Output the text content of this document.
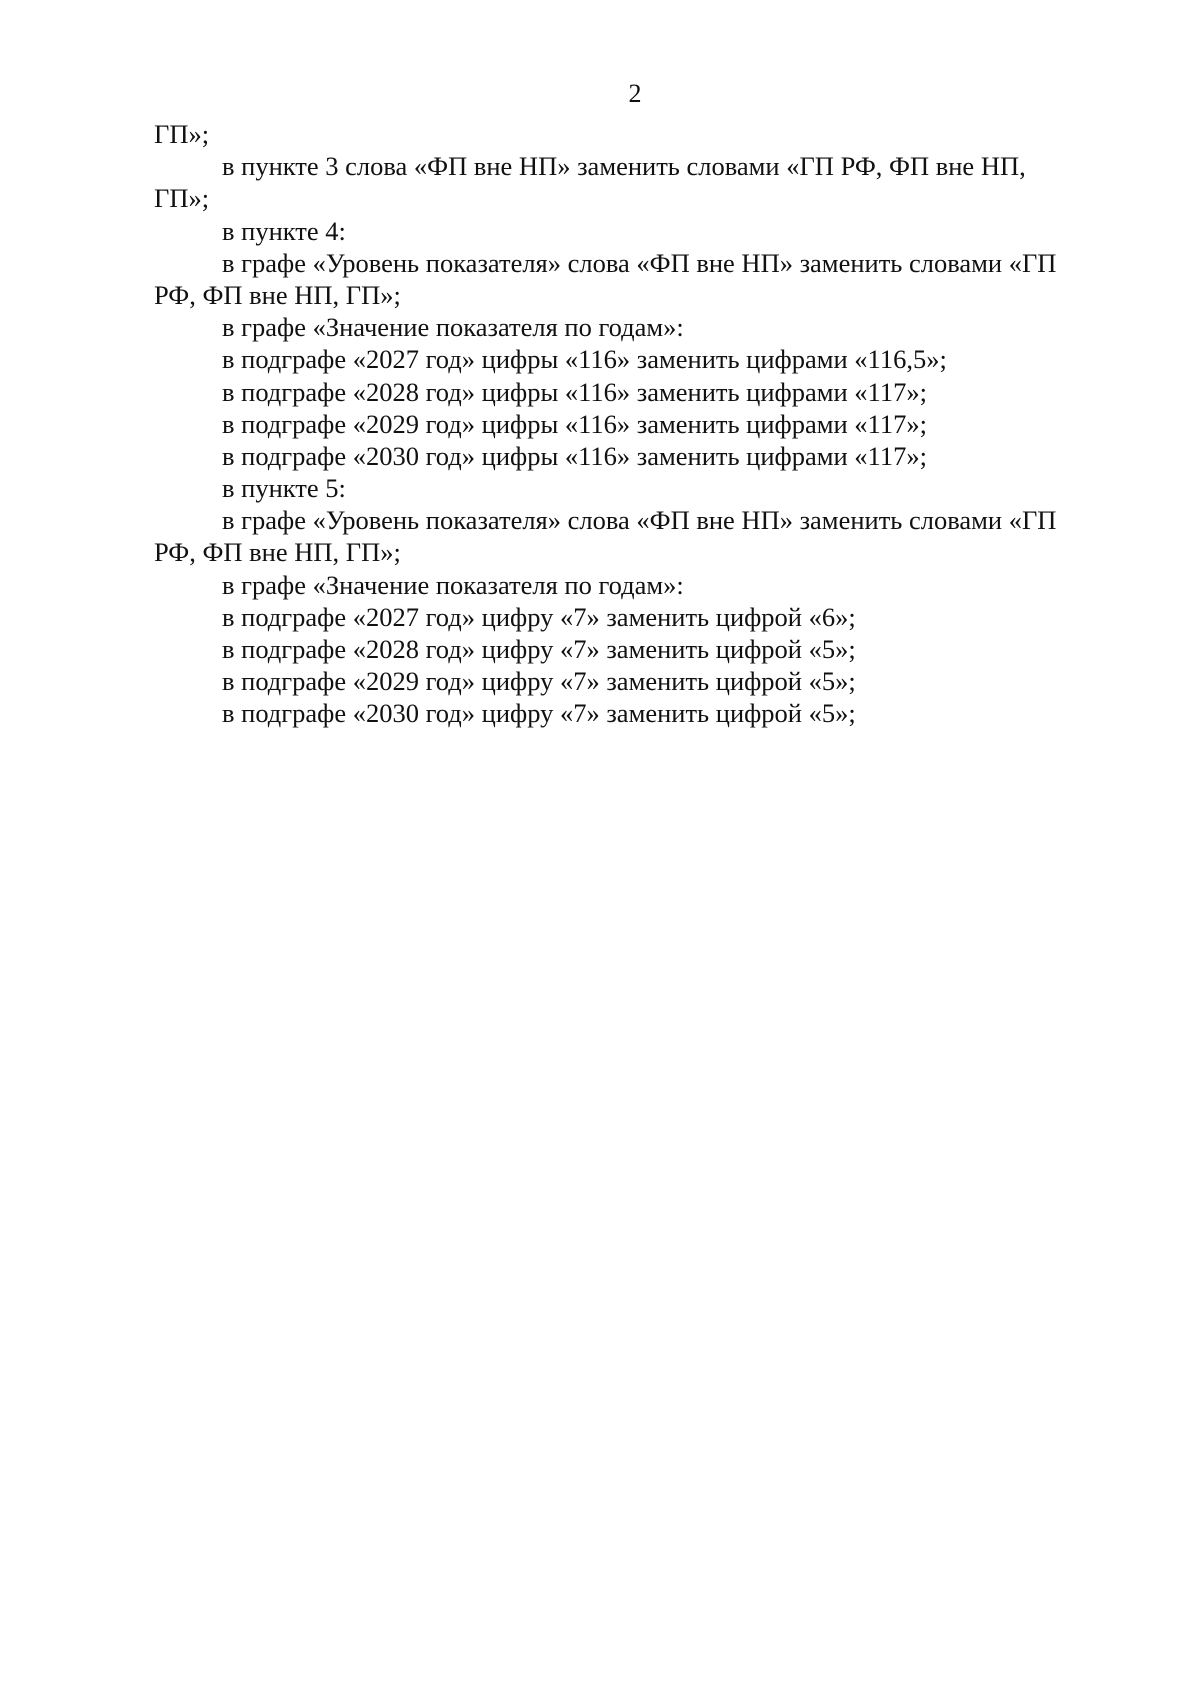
2
ГП»;
в пункте 3 слова «ФП вне НП» заменить словами «ГП РФ, ФП вне НП,
ГП»;
в пункте 4:
в графе «Уровень показателя» слова «ФП вне НП» заменить словами «ГП
РФ, ФП вне НП, ГП»;
в графе «Значение показателя по годам»:
в подграфе «2027 год» цифры «116» заменить цифрами «116,5»;
в подграфе «2028 год» цифры «116» заменить цифрами «117»;
в подграфе «2029 год» цифры «116» заменить цифрами «117»;
в подграфе «2030 год» цифры «116» заменить цифрами «117»;
в пункте 5:
в графе «Уровень показателя» слова «ФП вне НП» заменить словами «ГП
РФ, ФП вне НП, ГП»;
в графе «Значение показателя по годам»:
в подграфе «2027 год» цифру «7» заменить цифрой «6»;
в подграфе «2028 год» цифру «7» заменить цифрой «5»;
в подграфе «2029 год» цифру «7» заменить цифрой «5»;
в подграфе «2030 год» цифру «7» заменить цифрой «5»;
